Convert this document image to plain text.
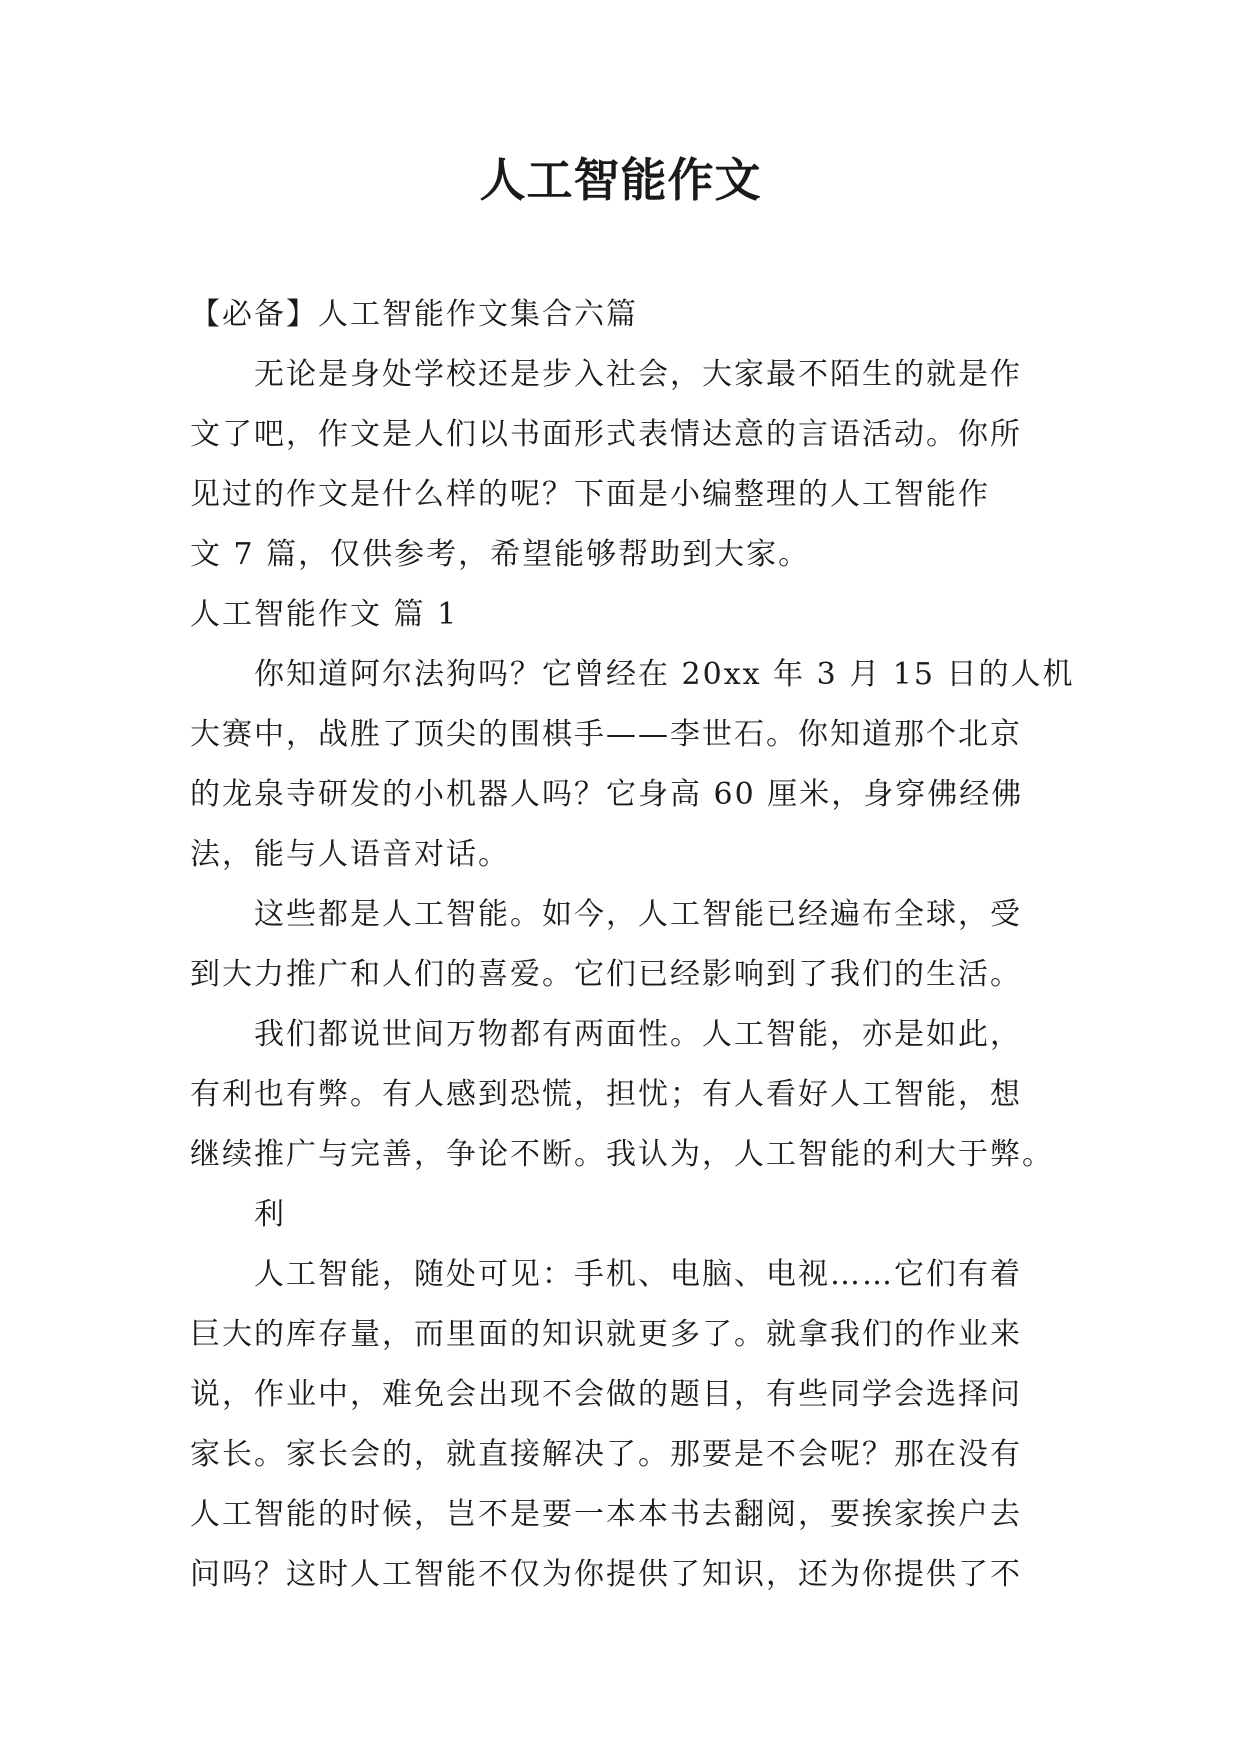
人工智能作文

【必备】人工智能作文集合六篇

无论是身处学校还是步入社会，大家最不陌生的就是作

文了吧，作文是人们以书面形式表情达意的言语活动。你所

见过的作文是什么样的呢？下面是小编整理的人工智能作

文 7 篇，仅供参考，希望能够帮助到大家。

人工智能作文 篇 1

你知道阿尔法狗吗？它曾经在 20xx 年 3 月 15 日的人机

大赛中，战胜了顶尖的围棋手——李世石。你知道那个北京

的龙泉寺研发的小机器人吗？它身高 60 厘米，身穿佛经佛

法，能与人语音对话。

这些都是人工智能。如今，人工智能已经遍布全球，受

到大力推广和人们的喜爱。它们已经影响到了我们的生活。

我们都说世间万物都有两面性。人工智能，亦是如此，

有利也有弊。有人感到恐慌，担忧；有人看好人工智能，想

继续推广与完善，争论不断。我认为，人工智能的利大于弊。

利

人工智能，随处可见：手机、电脑、电视……它们有着

巨大的库存量，而里面的知识就更多了。就拿我们的作业来

说，作业中，难免会出现不会做的题目，有些同学会选择问

家长。家长会的，就直接解决了。那要是不会呢？那在没有

人工智能的时候，岂不是要一本本书去翻阅，要挨家挨户去

问吗？这时人工智能不仅为你提供了知识，还为你提供了不
